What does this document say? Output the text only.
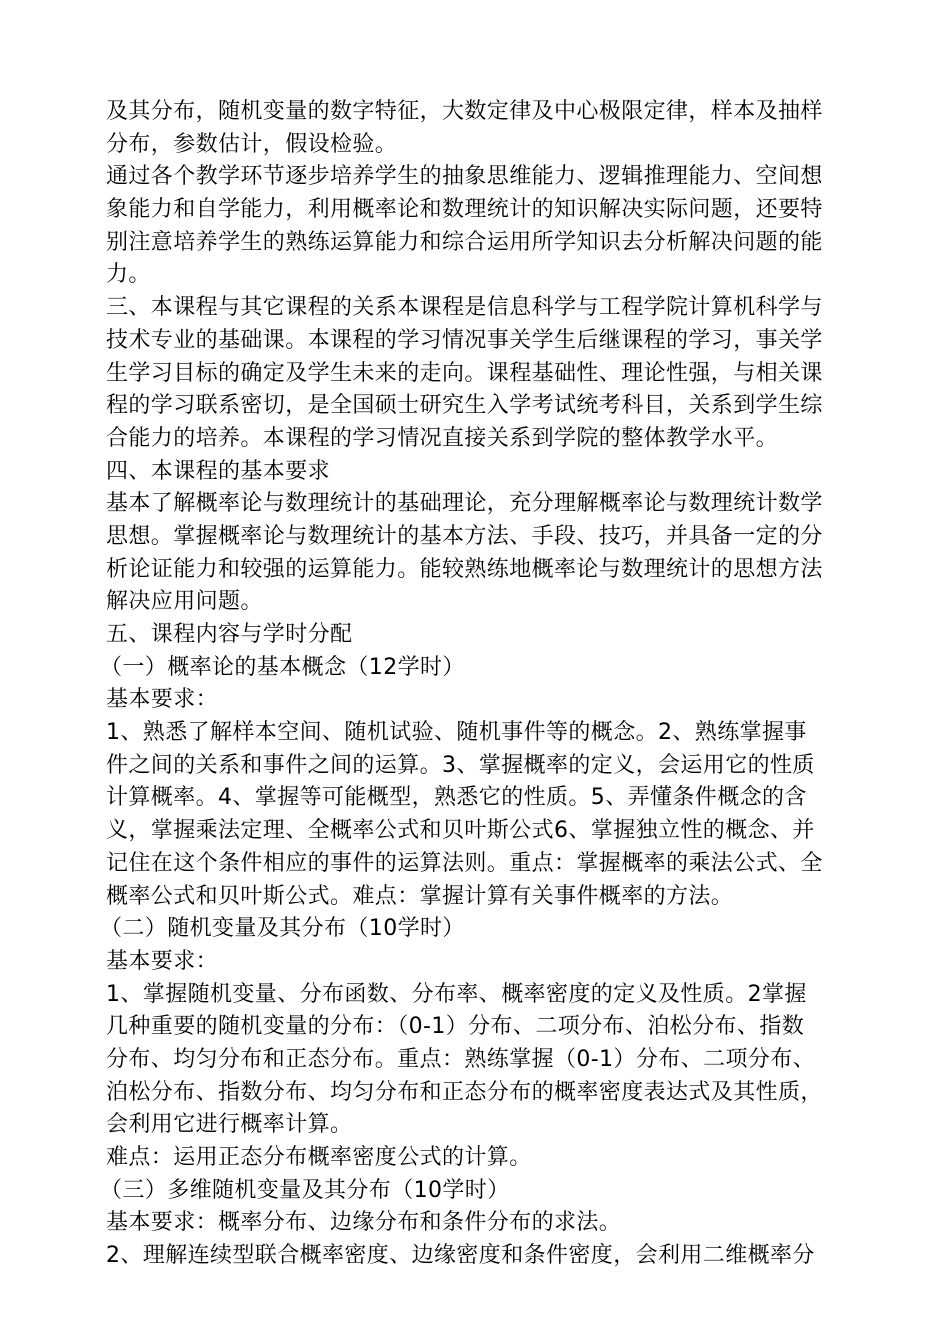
及其分布，随机变量的数字特征，大数定律及中心极限定律，样本及抽样
分布，参数估计，假设检验。
通过各个教学环节逐步培养学生的抽象思维能力、逻辑推理能力、空间想
象能力和自学能力，利用概率论和数理统计的知识解决实际问题，还要特
别注意培养学生的熟练运算能力和综合运用所学知识去分析解决问题的能
力。
三、本课程与其它课程的关系本课程是信息科学与工程学院计算机科学与
技术专业的基础课。本课程的学习情况事关学生后继课程的学习，事关学
生学习目标的确定及学生未来的走向。课程基础性、理论性强，与相关课
程的学习联系密切，是全国硕士研究生入学考试统考科目，关系到学生综
合能力的培养。本课程的学习情况直接关系到学院的整体教学水平。
四、本课程的基本要求
基本了解概率论与数理统计的基础理论，充分理解概率论与数理统计数学
思想。掌握概率论与数理统计的基本方法、手段、技巧，并具备一定的分
析论证能力和较强的运算能力。能较熟练地概率论与数理统计的思想方法
解决应用问题。
五、课程内容与学时分配
（一）概率论的基本概念（12学时）
基本要求：
1、熟悉了解样本空间、随机试验、随机事件等的概念。2、熟练掌握事
件之间的关系和事件之间的运算。3、掌握概率的定义，会运用它的性质
计算概率。4、掌握等可能概型，熟悉它的性质。5、弄懂条件概念的含
义，掌握乘法定理、全概率公式和贝叶斯公式6、掌握独立性的概念、并
记住在这个条件相应的事件的运算法则。重点：掌握概率的乘法公式、全
概率公式和贝叶斯公式。难点：掌握计算有关事件概率的方法。
（二）随机变量及其分布（10学时）
基本要求：
1、掌握随机变量、分布函数、分布率、概率密度的定义及性质。2掌握
几种重要的随机变量的分布：（0-1）分布、二项分布、泊松分布、指数
分布、均匀分布和正态分布。重点：熟练掌握（0-1）分布、二项分布、
泊松分布、指数分布、均匀分布和正态分布的概率密度表达式及其性质，
会利用它进行概率计算。
难点：运用正态分布概率密度公式的计算。
（三）多维随机变量及其分布（10学时）
基本要求：概率分布、边缘分布和条件分布的求法。
2、理解连续型联合概率密度、边缘密度和条件密度，会利用二维概率分
